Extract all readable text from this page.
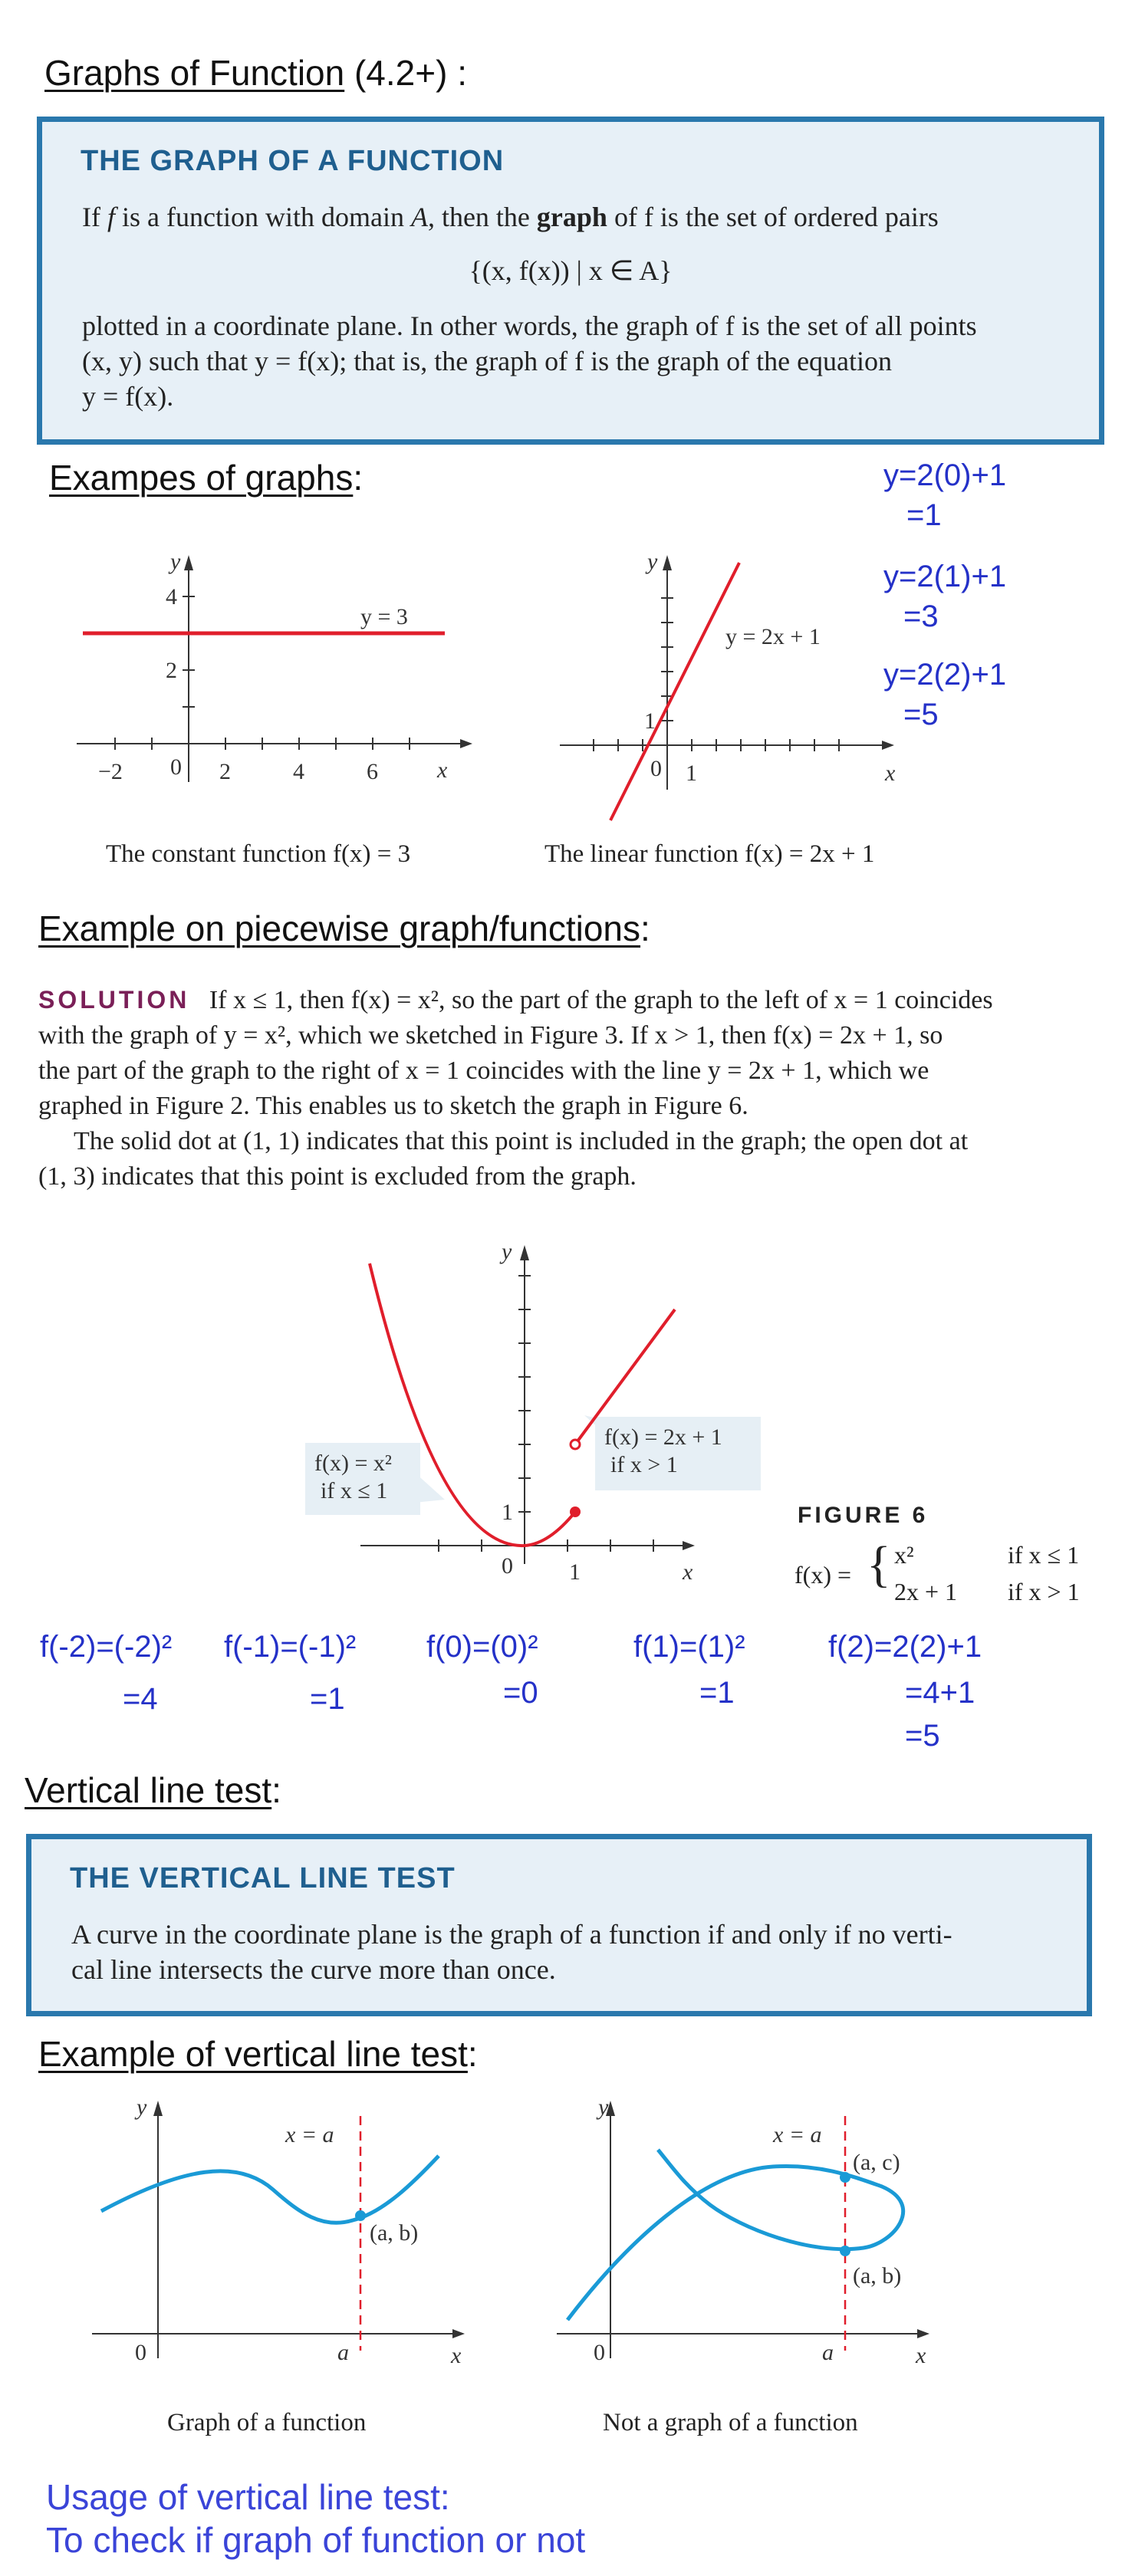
Graphs of Function (4.2+) :
THE GRAPH OF A FUNCTION
If f is a function with domain A, then the graph of f is the set of ordered pairs
{(x, f(x)) | x ∈ A}
plotted in a coordinate plane. In other words, the graph of f is the set of all points
(x, y) such that y = f(x); that is, the graph of f is the graph of the equation
y = f(x).
Exampes of graphs:	y=2(0)+1
=1
y=2(1)+1
=3
y=2(2)+1
=5
y
x
−2 0 2	4	6
4
2
y = 3
The constant function f(x) = 3
y
x
0 1
1
y = 2x + 1
The linear function f(x) = 2x + 1
Example on piecewise graph/functions:
SOLUTION If x ≤ 1, then f(x) = x², so the part of the graph to the left of x = 1 coincides
with the graph of y = x², which we sketched in Figure 3. If x > 1, then f(x) = 2x + 1, so
the part of the graph to the right of x = 1 coincides with the line y = 2x + 1, which we
graphed in Figure 2. This enables us to sketch the graph in Figure 6.
The solid dot at (1, 1) indicates that this point is included in the graph; the open dot at
(1, 3) indicates that this point is excluded from the graph.
y
x
0 1
1
f(x) = x²
if x ≤ 1
f(x) = 2x + 1
if x > 1
FIGURE 6
f(x) = { x²	if x ≤ 1
2x + 1 if x > 1
f(-2)=(-2)²
=4
f(-1)=(-1)²
=1
f(0)=(0)²
=0
f(1)=(1)²
=1
f(2)=2(2)+1
=4+1
=5
Vertical line test:
THE VERTICAL LINE TEST
A curve in the coordinate plane is the graph of a function if and only if no verti-
cal line intersects the curve more than once.
Example of vertical line test:
y
x
0
x = a
(a, b)
a
Graph of a function
y
x
0
x = a
(a, c)
(a, b)
a
Not a graph of a function
Usage of vertical line test:
To check if graph of function or not
